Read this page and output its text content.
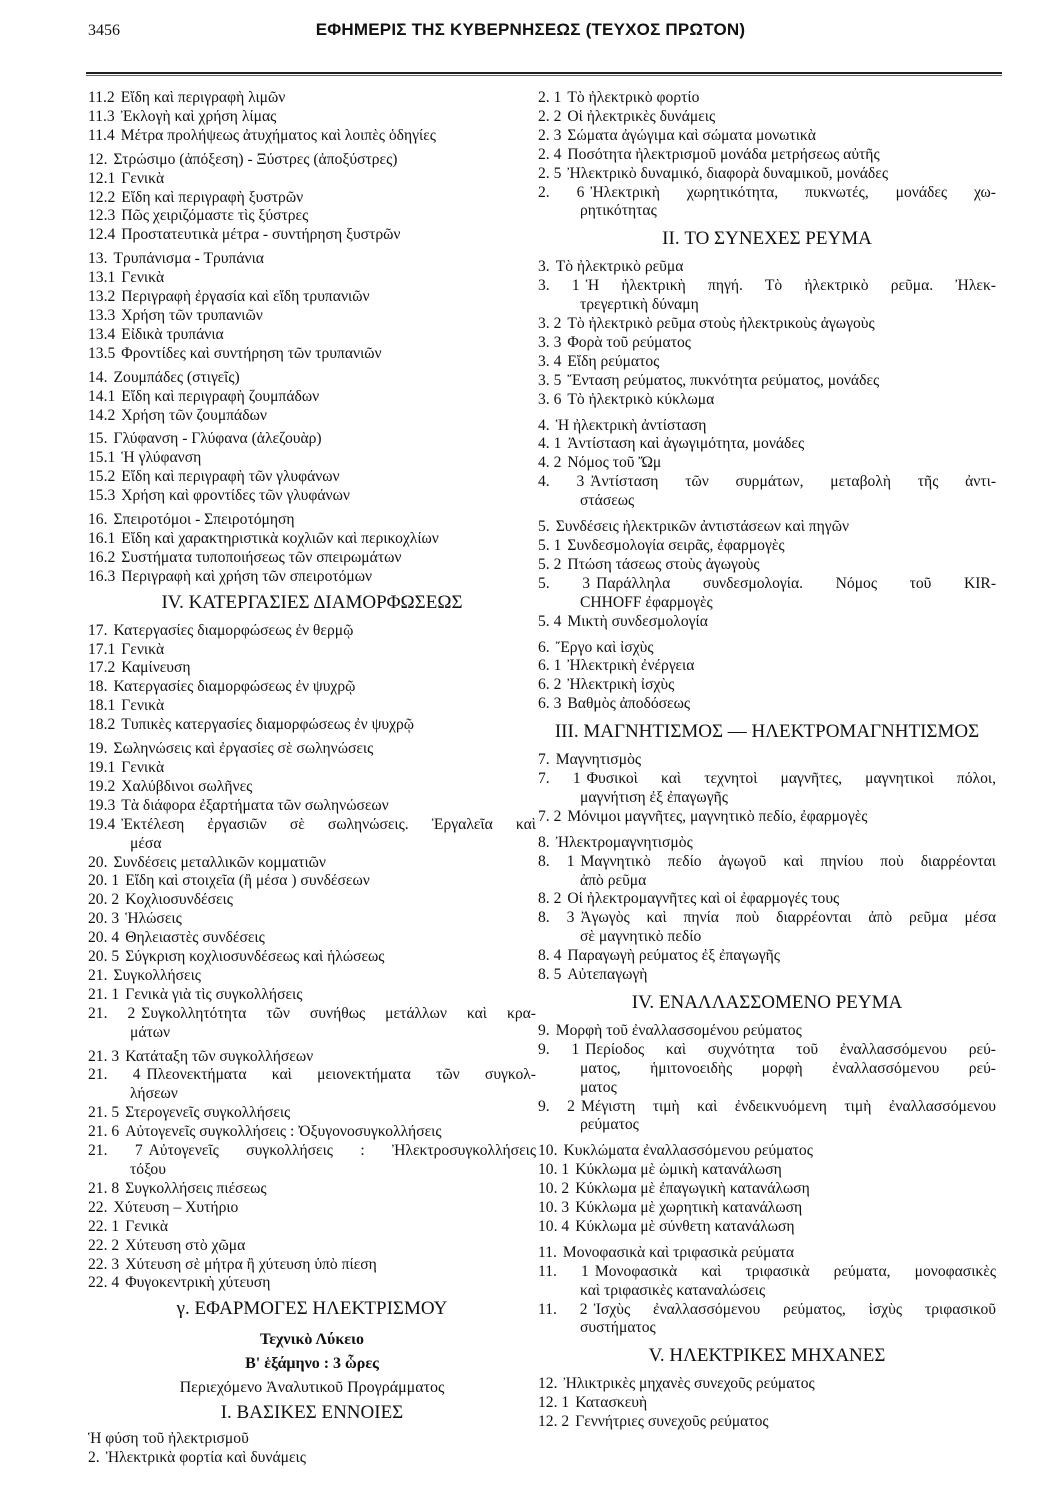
3456	ΕΦΗΜΕΡΙΣ ΤΗΣ ΚΥΒΕΡΝΗΣΕΩΣ (ΤΕΥΧΟΣ ΠΡΩΤΟΝ)
11.2 Εἴδη καὶ περιγραφὴ λιμῶν
11.3 Ἐκλογὴ καὶ χρήση λίμας
11.4 Μέτρα προλήψεως ἀτυχήματος καὶ λοιπὲς ὁδηγίες
12. Στρώσιμο (ἀπόξεση) - Ξύστρες (ἀποξύστρες)
12.1 Γενικὰ
12.2 Εἴδη καὶ περιγραφὴ ξυστρῶν
12.3 Πῶς χειριζόμαστε τὶς ξύστρες
12.4 Προστατευτικὰ μέτρα - συντήρηση ξυστρῶν
13. Τρυπάνισμα - Τρυπάνια
13.1 Γενικὰ
13.2 Περιγραφὴ ἐργασία καὶ εἴδη τρυπανιῶν
13.3 Χρήση τῶν τρυπανιῶν
13.4 Εἰδικὰ τρυπάνια
13.5 Φροντίδες καὶ συντήρηση τῶν τρυπανιῶν
14. Ζουμπάδες (στιγεῖς)
14.1 Εἴδη καὶ περιγραφὴ ζουμπάδων
14.2 Χρήση τῶν ζουμπάδων
15. Γλύφανση - Γλύφανα (ἀλεζουὰρ)
15.1 Ἡ γλύφανση
15.2 Εἴδη καὶ περιγραφὴ τῶν γλυφάνων
15.3 Χρήση καὶ φροντίδες τῶν γλυφάνων
16. Σπειροτόμοι - Σπειροτόμηση
16.1 Εἴδη καὶ χαρακτηριστικὰ κοχλιῶν καὶ περικοχλίων
16.2 Συστήματα τυποποιήσεως τῶν σπειρωμάτων
16.3 Περιγραφὴ καὶ χρήση τῶν σπειροτόμων
IV. ΚΑΤΕΡΓΑΣΙΕΣ ΔΙΑΜΟΡΦΩΣΕΩΣ
17. Κατεργασίες διαμορφώσεως ἐν θερμῷ
17.1 Γενικὰ
17.2 Καμίνευση
18. Κατεργασίες διαμορφώσεως ἐν ψυχρῷ
18.1 Γενικὰ
18.2 Τυπικὲς κατεργασίες διαμορφώσεως ἐν ψυχρῷ
19. Σωληνώσεις καὶ ἐργασίες σὲ σωληνώσεις
19.1 Γενικὰ
19.2 Χαλύβδινοι σωλῆνες
19.3 Τὰ διάφορα ἐξαρτήματα τῶν σωληνώσεων
19.4 Ἐκτέλεση ἐργασιῶν σὲ σωληνώσεις. Ἐργαλεῖα καὶ
μέσα
20. Συνδέσεις μεταλλικῶν κομματιῶν
20. 1 Εἴδη καὶ στοιχεῖα (ἢ μέσα ) συνδέσεων
20. 2 Κοχλιοσυνδέσεις
20. 3 Ἡλώσεις
20. 4 Θηλειαστὲς συνδέσεις
20. 5 Σύγκριση κοχλιοσυνδέσεως καὶ ἡλώσεως
21. Συγκολλήσεις
21. 1 Γενικὰ γιὰ τὶς συγκολλήσεις
21. 2 Συγκολλητότητα τῶν συνήθως μετάλλων καὶ κρα-
μάτων
21. 3 Κατάταξη τῶν συγκολλήσεων
21. 4 Πλεονεκτήματα καὶ μειονεκτήματα τῶν συγκολ-
λήσεων
21. 5 Στερογενεῖς συγκολλήσεις
21. 6 Αὐτογενεῖς συγκολλήσεις : Ὀξυγονοσυγκολλήσεις
21. 7 Αὐτογενεῖς συγκολλήσεις : Ἠλεκτροσυγκολλήσεις
τόξου
21. 8 Συγκολλήσεις πιέσεως
22. Χύτευση – Χυτήριο
22. 1 Γενικὰ
22. 2 Χύτευση στὸ χῶμα
22. 3 Χύτευση σὲ μήτρα ἢ χύτευση ὑπὸ πίεση
22. 4 Φυγοκεντρικὴ χύτευση
γ. ΕΦΑΡΜΟΓΕΣ ΗΛΕΚΤΡΙΣΜΟΥ
Τεχνικὸ Λύκειο
Β' ἑξάμηνο : 3 ὧρες
Περιεχόμενο Ἀναλυτικοῦ Προγράμματος
I. ΒΑΣΙΚΕΣ ΕΝΝΟΙΕΣ
Ἡ φύση τοῦ ἠλεκτρισμοῦ
2. Ἠλεκτρικὰ φορτία καὶ δυνάμεις
2. 1 Τὸ ἠλεκτρικὸ φορτίο
2. 2 Οἱ ἠλεκτρικὲς δυνάμεις
2. 3 Σώματα ἀγώγιμα καὶ σώματα μονωτικὰ
2. 4 Ποσότητα ἠλεκτρισμοῦ μονάδα μετρήσεως αὐτῆς
2. 5 Ἠλεκτρικὸ δυναμικό, διαφορὰ δυναμικοῦ, μονάδες
2. 6 Ἠλεκτρικὴ χωρητικότητα, πυκνωτές, μονάδες χω-
ρητικότητας
II. ΤΟ ΣΥΝΕΧΕΣ ΡΕΥΜΑ
3. Τὸ ἠλεκτρικὸ ρεῦμα
3. 1 Ἡ ἠλεκτρικὴ πηγή. Τὸ ἠλεκτρικὸ ρεῦμα. Ἠλεκ-
τρεγερτικὴ δύναμη
3. 2 Τὸ ἠλεκτρικὸ ρεῦμα στοὺς ἠλεκτρικοὺς ἀγωγοὺς
3. 3 Φορὰ τοῦ ρεύματος
3. 4 Εἴδη ρεύματος
3. 5 Ἔνταση ρεύματος, πυκνότητα ρεύματος, μονάδες
3. 6 Τὸ ἠλεκτρικὸ κύκλωμα
4. Ἡ ἠλεκτρικὴ ἀντίσταση
4. 1 Ἀντίσταση καὶ ἀγωγιμότητα, μονάδες
4. 2 Νόμος τοῦ Ὤμ
4. 3 Ἀντίσταση τῶν συρμάτων, μεταβολὴ τῆς ἀντι-
στάσεως
5. Συνδέσεις ἠλεκτρικῶν ἀντιστάσεων καὶ πηγῶν
5. 1 Συνδεσμολογία σειρᾶς, ἐφαρμογὲς
5. 2 Πτώση τάσεως στοὺς ἀγωγοὺς
5. 3 Παράλληλα συνδεσμολογία. Νόμος τοῦ KIR-
CHHOFF ἐφαρμογὲς
5. 4 Μικτὴ συνδεσμολογία
6. Ἔργο καὶ ἰσχὺς
6. 1 Ἠλεκτρικὴ ἐνέργεια
6. 2 Ἠλεκτρικὴ ἰσχὺς
6. 3 Βαθμὸς ἀποδόσεως
III. ΜΑΓΝΗΤΙΣΜΟΣ — ΗΛΕΚΤΡΟΜΑΓΝΗΤΙΣΜΟΣ
7. Μαγνητισμὸς
7. 1 Φυσικοὶ καὶ τεχνητοὶ μαγνῆτες, μαγνητικοὶ πόλοι,
μαγνήτιση ἐξ ἐπαγωγῆς
7. 2 Μόνιμοι μαγνῆτες, μαγνητικὸ πεδίο, ἐφαρμογὲς
8. Ἠλεκτρομαγνητισμὸς
8. 1 Μαγνητικὸ πεδίο ἀγωγοῦ καὶ πηνίου ποὺ διαρρέονται
ἀπὸ ρεῦμα
8. 2 Οἱ ἠλεκτρομαγνῆτες καὶ οἱ ἐφαρμογές τους
8. 3 Ἀγωγὸς καὶ πηνία ποὺ διαρρέονται ἀπὸ ρεῦμα μέσα
σὲ μαγνητικὸ πεδίο
8. 4 Παραγωγὴ ρεύματος ἐξ ἐπαγωγῆς
8. 5 Αὐτεπαγωγὴ
IV. ΕΝΑΛΛΑΣΣΟΜΕΝΟ ΡΕΥΜΑ
9. Μορφὴ τοῦ ἐναλλασσομένου ρεύματος
9. 1 Περίοδος καὶ συχνότητα τοῦ ἐναλλασσόμενου ρεύ-
ματος, ἡμιτονοειδὴς μορφὴ ἐναλλασσόμενου ρεύ-
ματος
9. 2 Μέγιστη τιμὴ καὶ ἐνδεικνυόμενη τιμὴ ἐναλλασσόμενου
ρεύματος
10. Κυκλώματα ἐναλλασσόμενου ρεύματος
10. 1 Κύκλωμα μὲ ὠμικὴ κατανάλωση
10. 2 Κύκλωμα μὲ ἐπαγωγικὴ κατανάλωση
10. 3 Κύκλωμα μὲ χωρητικὴ κατανάλωση
10. 4 Κύκλωμα μὲ σύνθετη κατανάλωση
11. Μονοφασικὰ καὶ τριφασικὰ ρεύματα
11. 1 Μονοφασικὰ καὶ τριφασικὰ ρεύματα, μονοφασικὲς
καὶ τριφασικὲς καταναλώσεις
11. 2 Ἰσχὺς ἐναλλασσόμενου ρεύματος, ἰσχὺς τριφασικοῦ
συστήματος
V. ΗΛΕΚΤΡΙΚΕΣ ΜΗΧΑΝΕΣ
12. Ἠλικτρικὲς μηχανὲς συνεχοῦς ρεύματος
12. 1 Κατασκευὴ
12. 2 Γεννήτριες συνεχοῦς ρεύματος
